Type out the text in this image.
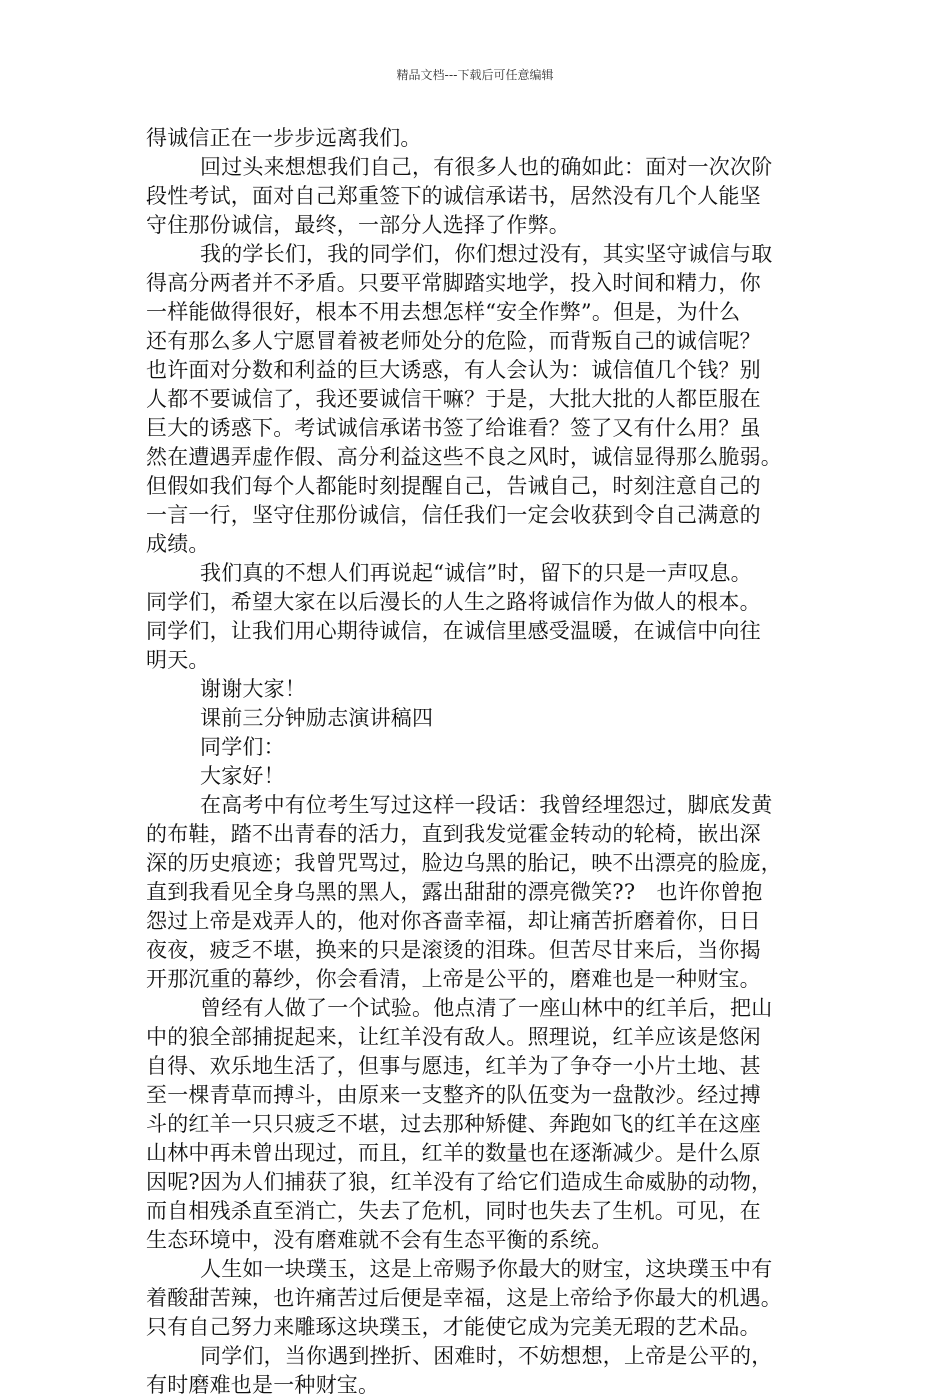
精品文档---下载后可任意编辑
得诚信正在一步步远离我们。
回过头来想想我们自己，有很多人也的确如此：面对一次次阶
段性考试，面对自己郑重签下的诚信承诺书，居然没有几个人能坚
守住那份诚信，最终，一部分人选择了作弊。
我的学长们，我的同学们，你们想过没有，其实坚守诚信与取
得高分两者并不矛盾。只要平常脚踏实地学，投入时间和精力，你
一样能做得很好，根本不用去想怎样“安全作弊”。但是，为什么
还有那么多人宁愿冒着被老师处分的危险，而背叛自己的诚信呢？
也许面对分数和利益的巨大诱惑，有人会认为：诚信值几个钱？别
人都不要诚信了，我还要诚信干嘛？于是，大批大批的人都臣服在
巨大的诱惑下。考试诚信承诺书签了给谁看？签了又有什么用？虽
然在遭遇弄虚作假、高分利益这些不良之风时，诚信显得那么脆弱。
但假如我们每个人都能时刻提醒自己，告诫自己，时刻注意自己的
一言一行，坚守住那份诚信，信任我们一定会收获到令自己满意的
成绩。
我们真的不想人们再说起“诚信”时，留下的只是一声叹息。
同学们，希望大家在以后漫长的人生之路将诚信作为做人的根本。
同学们，让我们用心期待诚信，在诚信里感受温暖，在诚信中向往
明天。
谢谢大家！
课前三分钟励志演讲稿四
同学们：
大家好！
在高考中有位考生写过这样一段话：我曾经埋怨过，脚底发黄
的布鞋，踏不出青春的活力，直到我发觉霍金转动的轮椅，嵌出深
深的历史痕迹；我曾咒骂过，脸边乌黑的胎记，映不出漂亮的脸庞，
直到我看见全身乌黑的黑人，露出甜甜的漂亮微笑??　也许你曾抱
怨过上帝是戏弄人的，他对你吝啬幸福，却让痛苦折磨着你，日日
夜夜，疲乏不堪，换来的只是滚烫的泪珠。但苦尽甘来后，当你揭
开那沉重的幕纱，你会看清，上帝是公平的，磨难也是一种财宝。
曾经有人做了一个试验。他点清了一座山林中的红羊后，把山
中的狼全部捕捉起来，让红羊没有敌人。照理说，红羊应该是悠闲
自得、欢乐地生活了，但事与愿违，红羊为了争夺一小片土地、甚
至一棵青草而搏斗，由原来一支整齐的队伍变为一盘散沙。经过搏
斗的红羊一只只疲乏不堪，过去那种矫健、奔跑如飞的红羊在这座
山林中再未曾出现过，而且，红羊的数量也在逐渐减少。是什么原
因呢?因为人们捕获了狼，红羊没有了给它们造成生命威胁的动物，
而自相残杀直至消亡，失去了危机，同时也失去了生机。可见，在
生态环境中，没有磨难就不会有生态平衡的系统。
人生如一块璞玉，这是上帝赐予你最大的财宝，这块璞玉中有
着酸甜苦辣，也许痛苦过后便是幸福，这是上帝给予你最大的机遇。
只有自己努力来雕琢这块璞玉，才能使它成为完美无瑕的艺术品。
同学们，当你遇到挫折、困难时，不妨想想，上帝是公平的，
有时磨难也是一种财宝。
